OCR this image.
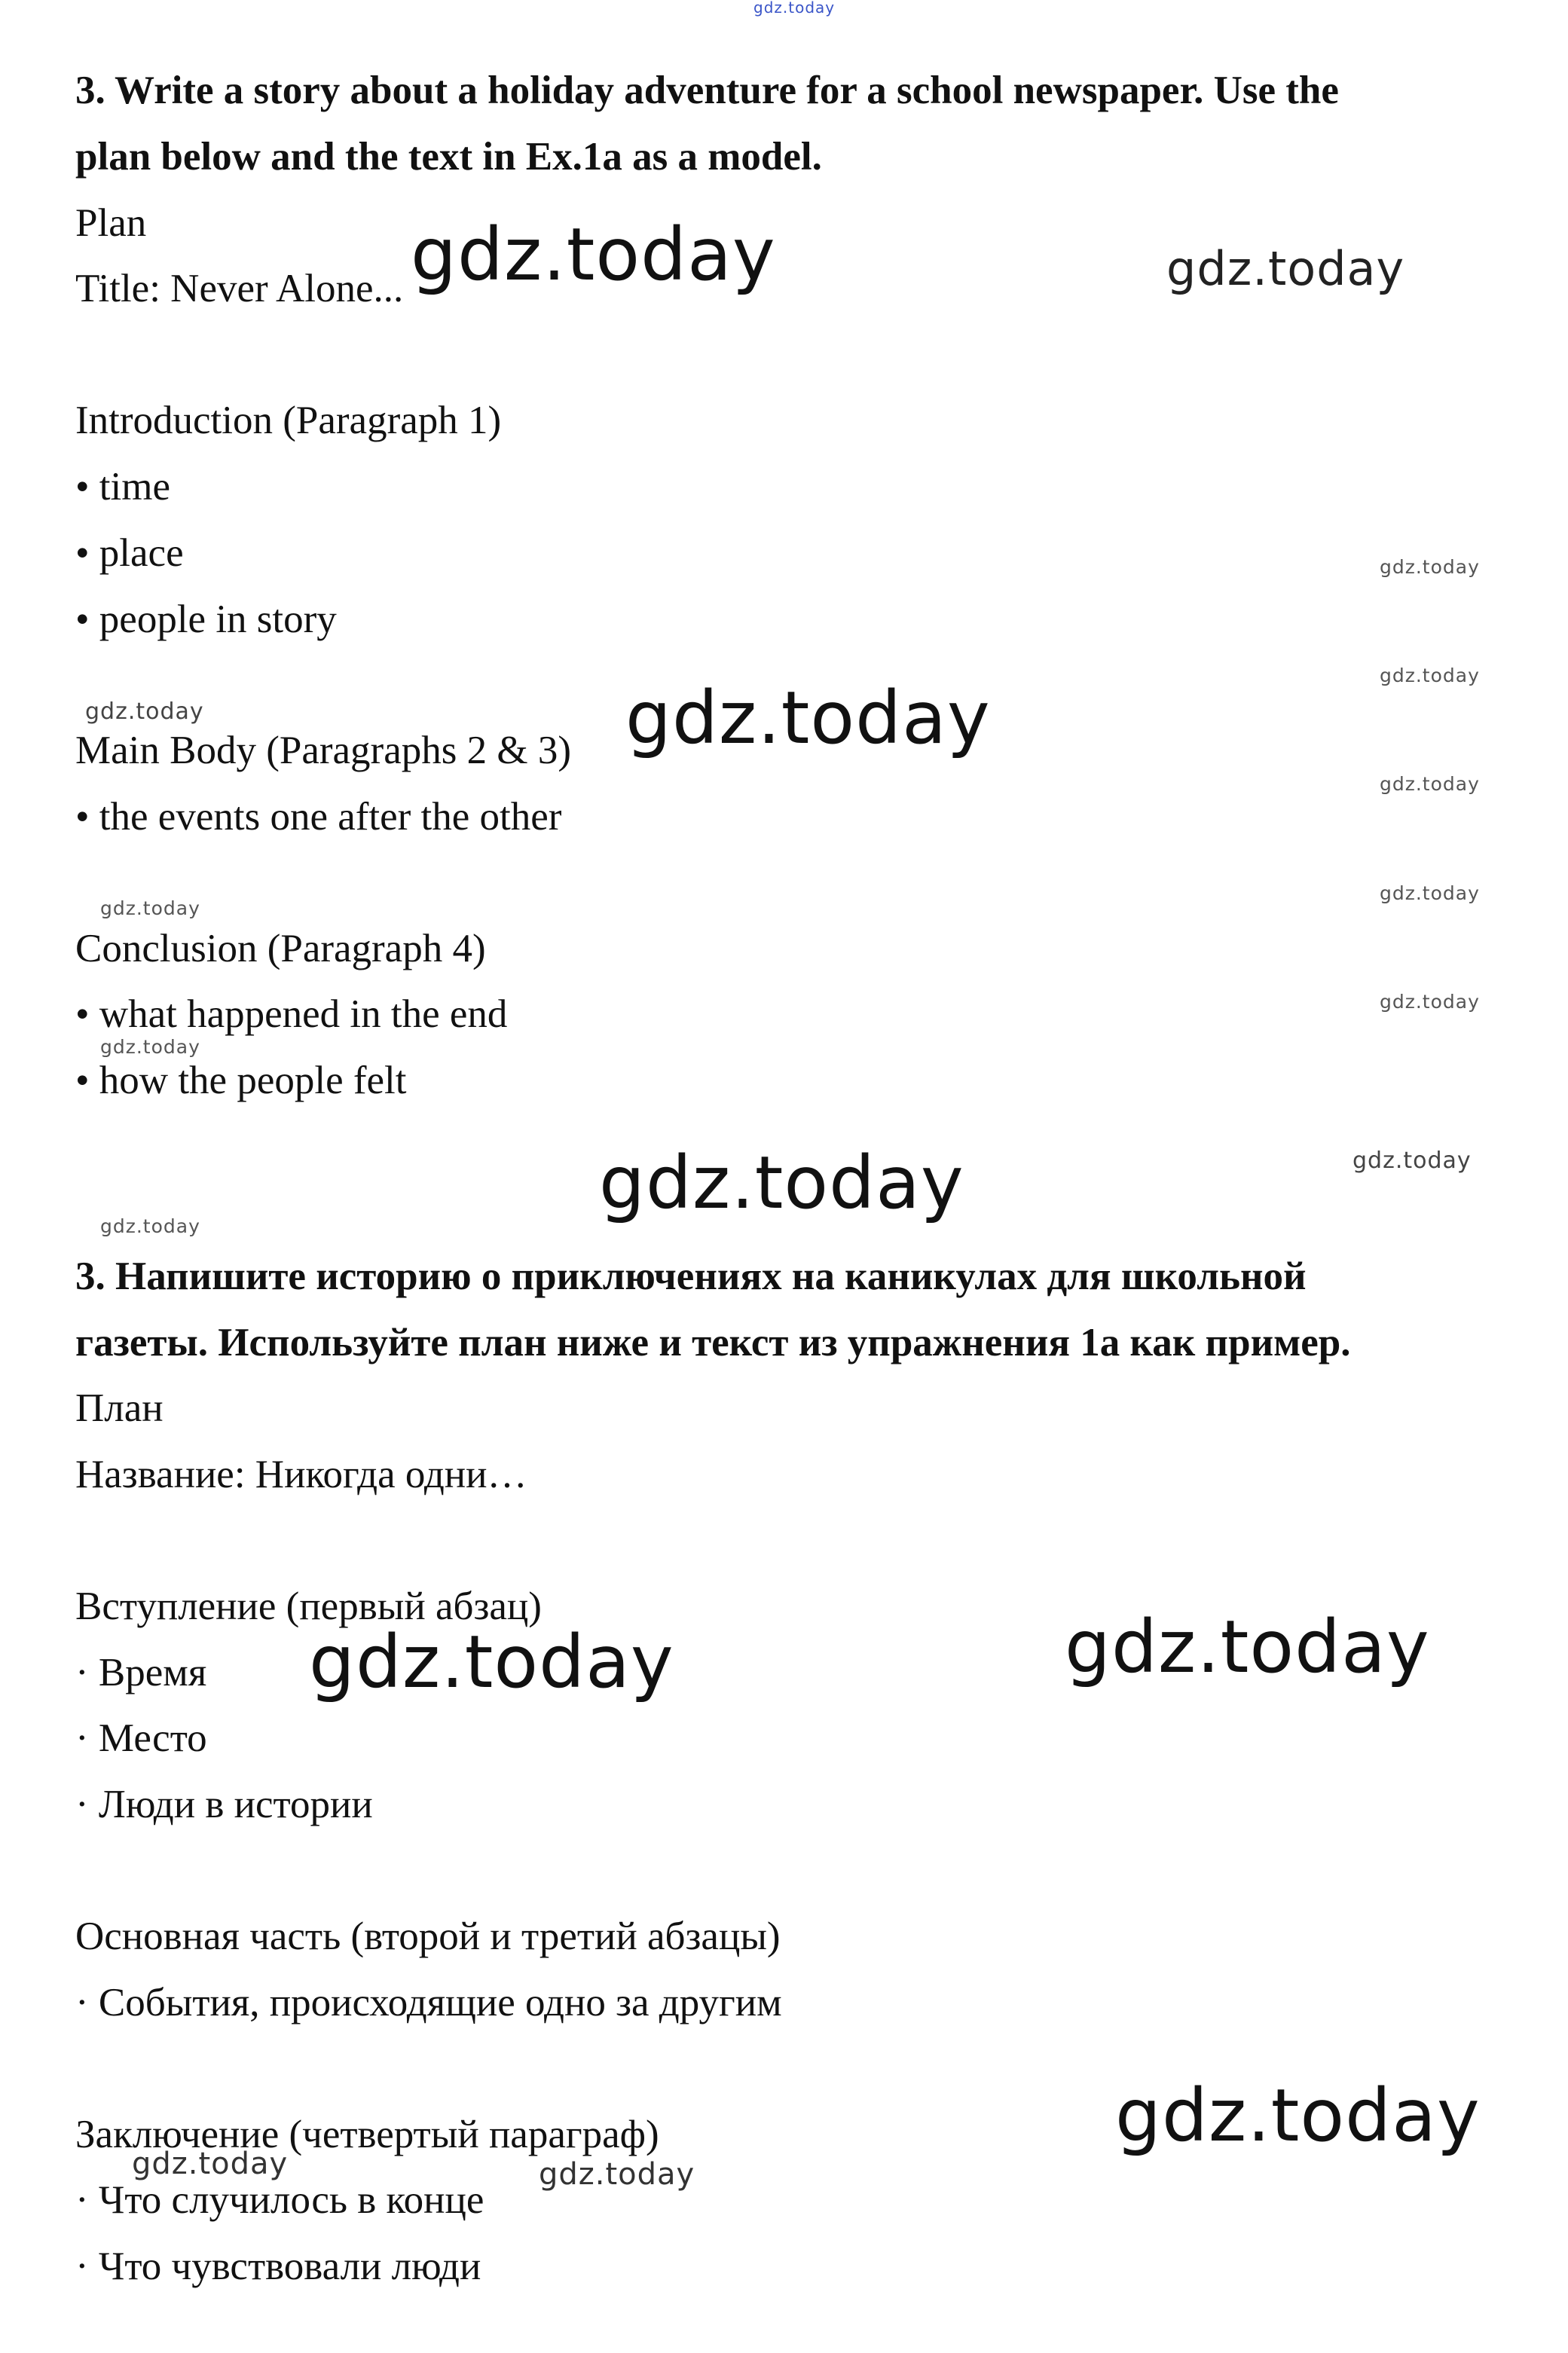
3. Write a story about a holiday adventure for a school newspaper. Use the
plan below and the text in Ex.1a as a model.
Plan
Title: Never Alone...
Introduction (Paragraph 1)
• time
• place
• people in story
Main Body (Paragraphs 2 & 3)
• the events one after the other
Conclusion (Paragraph 4)
• what happened in the end
• how the people felt
3. Напишите историю о приключениях на каникулах для школьной
газеты. Используйте план ниже и текст из упражнения 1а как пример.
План
Название: Никогда одни…
Вступление (первый абзац)
· Время
· Место
· Люди в истории
Основная часть (второй и третий абзацы)
· События, происходящие одно за другим
Заключение (четвертый параграф)
· Что случилось в конце
· Что чувствовали люди
gdz.today
gdz.today	gdz.today
gdz.today
gdz.today
gdz.today	gdz.today
gdz.today
gdz.today
gdz.today
gdz.today
gdz.today
gdz.today
gdz.today
gdz.today
gdz.today
gdz.today
gdz.today
gdz.today	gdz.today
